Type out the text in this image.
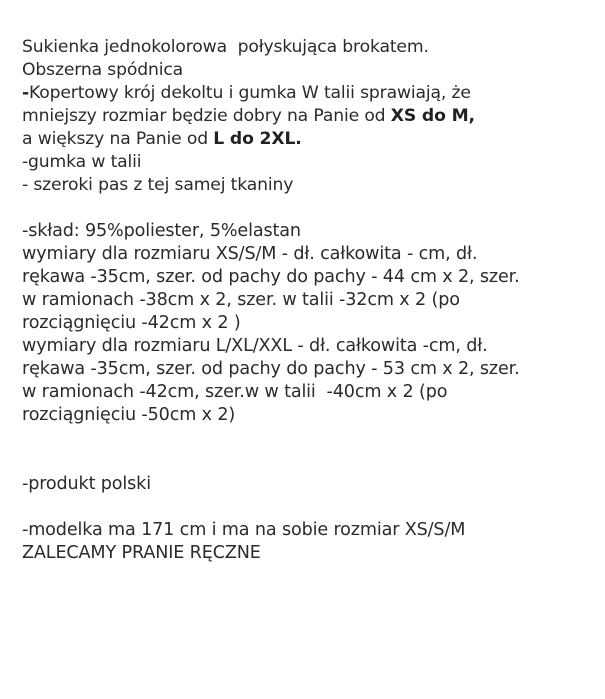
Sukienka jednokolorowa  połyskująca brokatem.
Obszerna spódnica
-Kopertowy krój dekoltu i gumka W talii sprawiają, że
mniejszy rozmiar będzie dobry na Panie od XS do M,
a większy na Panie od L do 2XL.
-gumka w talii
- szeroki pas z tej samej tkaniny
-skład: 95%poliester, 5%elastan
wymiary dla rozmiaru XS/S/M - dł. całkowita - cm, dł.
rękawa -35cm, szer. od pachy do pachy - 44 cm x 2, szer.
w ramionach -38cm x 2, szer. w talii -32cm x 2 (po
rozciągnięciu -42cm x 2 )
wymiary dla rozmiaru L/XL/XXL - dł. całkowita -cm, dł.
rękawa -35cm, szer. od pachy do pachy - 53 cm x 2, szer.
w ramionach -42cm, szer.w w talii  -40cm x 2 (po
rozciągnięciu -50cm x 2)
-produkt polski
-modelka ma 171 cm i ma na sobie rozmiar XS/S/M
ZALECAMY PRANIE RĘCZNE
